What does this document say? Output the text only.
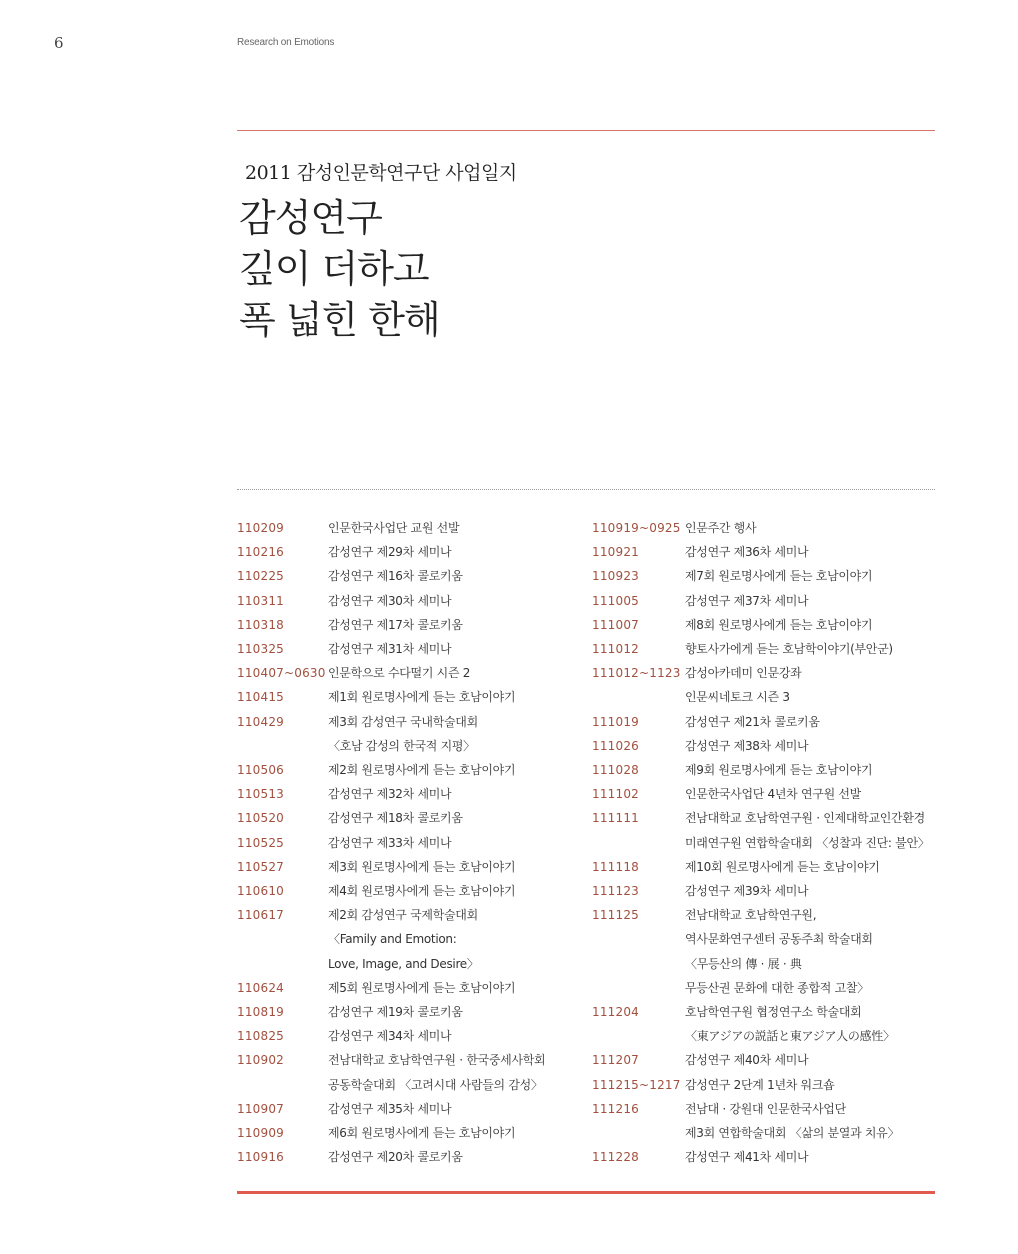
6	Research on Emotions
2011 감성인문학연구단 사업일지
감성연구
깊이 더하고
폭 넓힌 한해
110209	인문한국사업단 교원 선발
110216	감성연구 제29차 세미나
110225	감성연구 제16차 콜로키움
110311	감성연구 제30차 세미나
110318	감성연구 제17차 콜로키움
110325	감성연구 제31차 세미나
110407~0630 인문학으로 수다떨기 시즌 2
110415	제1회 원로명사에게 듣는 호남이야기
110429	제3회 감성연구 국내학술대회
〈호남 감성의 한국적 지평〉
110506	제2회 원로명사에게 듣는 호남이야기
110513	감성연구 제32차 세미나
110520	감성연구 제18차 콜로키움
110525	감성연구 제33차 세미나
110527	제3회 원로명사에게 듣는 호남이야기
110610	제4회 원로명사에게 듣는 호남이야기
110617	제2회 감성연구 국제학술대회
〈Family and Emotion:
Love, Image, and Desire〉
110624	제5회 원로명사에게 듣는 호남이야기
110819	감성연구 제19차 콜로키움
110825	감성연구 제34차 세미나
110902	전남대학교 호남학연구원 · 한국중세사학회
공동학술대회 〈고려시대 사람들의 감성〉
110907	감성연구 제35차 세미나
110909	제6회 원로명사에게 듣는 호남이야기
110916	감성연구 제20차 콜로키움
110919~0925 인문주간 행사
110921	감성연구 제36차 세미나
110923	제7회 원로명사에게 듣는 호남이야기
111005	감성연구 제37차 세미나
111007	제8회 원로명사에게 듣는 호남이야기
111012	향토사가에게 듣는 호남학이야기(부안군)
111012~1123 감성아카데미 인문강좌
인문씨네토크 시즌 3
111019	감성연구 제21차 콜로키움
111026	감성연구 제38차 세미나
111028	제9회 원로명사에게 듣는 호남이야기
111102	인문한국사업단 4년차 연구원 선발
111111	전남대학교 호남학연구원 · 인제대학교인간환경
미래연구원 연합학술대회 〈성찰과 진단: 불안〉
111118	제10회 원로명사에게 듣는 호남이야기
111123	감성연구 제39차 세미나
111125	전남대학교 호남학연구원,
역사문화연구센터 공동주최 학술대회
〈무등산의 傳 · 展 · 典
무등산권 문화에 대한 종합적 고찰〉
111204	호남학연구원 협정연구소 학술대회
〈東アジアの説話と東アジア人の感性〉
111207	감성연구 제40차 세미나
111215~1217 감성연구 2단계 1년차 워크숍
111216	전남대 · 강원대 인문한국사업단
제3회 연합학술대회 〈삶의 분열과 치유〉
111228	감성연구 제41차 세미나
